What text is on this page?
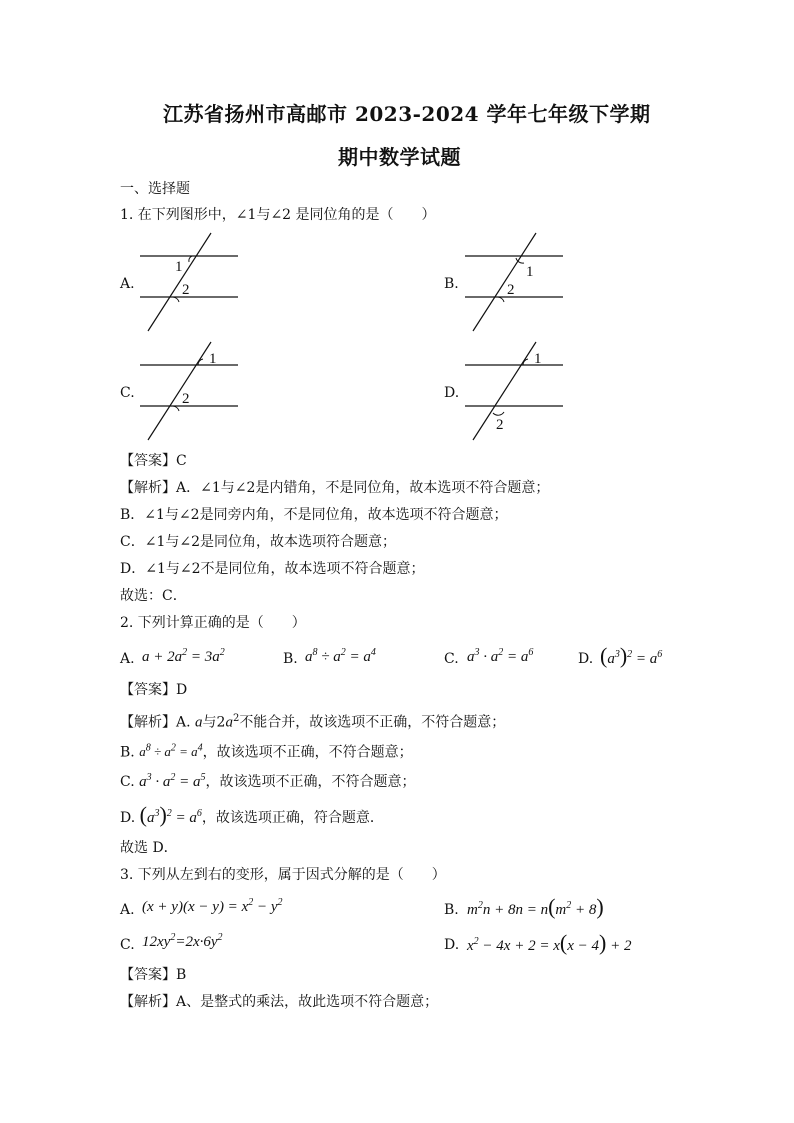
江苏省扬州市高邮市 2023-2024 学年七年级下学期
期中数学试题
一、选择题
1. 在下列图形中，∠1与∠2 是同位角的是（　　）
A.
1
2	B.
1
2
C.
1
2	D.
1
2
【答案】C
【解析】A．∠1与∠2是内错角，不是同位角，故本选项不符合题意；
B．∠1与∠2是同旁内角，不是同位角，故本选项不符合题意；
C．∠1与∠2是同位角，故本选项符合题意；
D．∠1与∠2不是同位角，故本选项不符合题意；
故选：C．
2. 下列计算正确的是（　　）
A. $a + 2a^2 = 3a^2$	B. $a^8 \div a^2 = a^4$	C. $a^3 \cdot a^2 = a^6$	D. $(a^3)^2 = a^6$
【答案】D
【解析】A. a与$2a^2$不能合并，故该选项不正确，不符合题意；
B. $a^8 \div a^2 = a^4$，故该选项不正确，不符合题意；
C. $a^3 \cdot a^2 = a^5$，故该选项不正确，不符合题意；
D. $(a^3)^2 = a^6$，故该选项正确，符合题意．
故选 D．
3. 下列从左到右的变形，属于因式分解的是（　　）
A. $(x + y)(x - y) = x^2 - y^2$	B. $m^2n + 8n = n(m^2 + 8)$
C. $12xy^2=2x\cdot 6y^2$	D. $x^2 - 4x + 2 = x(x - 4) + 2$
【答案】B
【解析】A、是整式的乘法，故此选项不符合题意；
